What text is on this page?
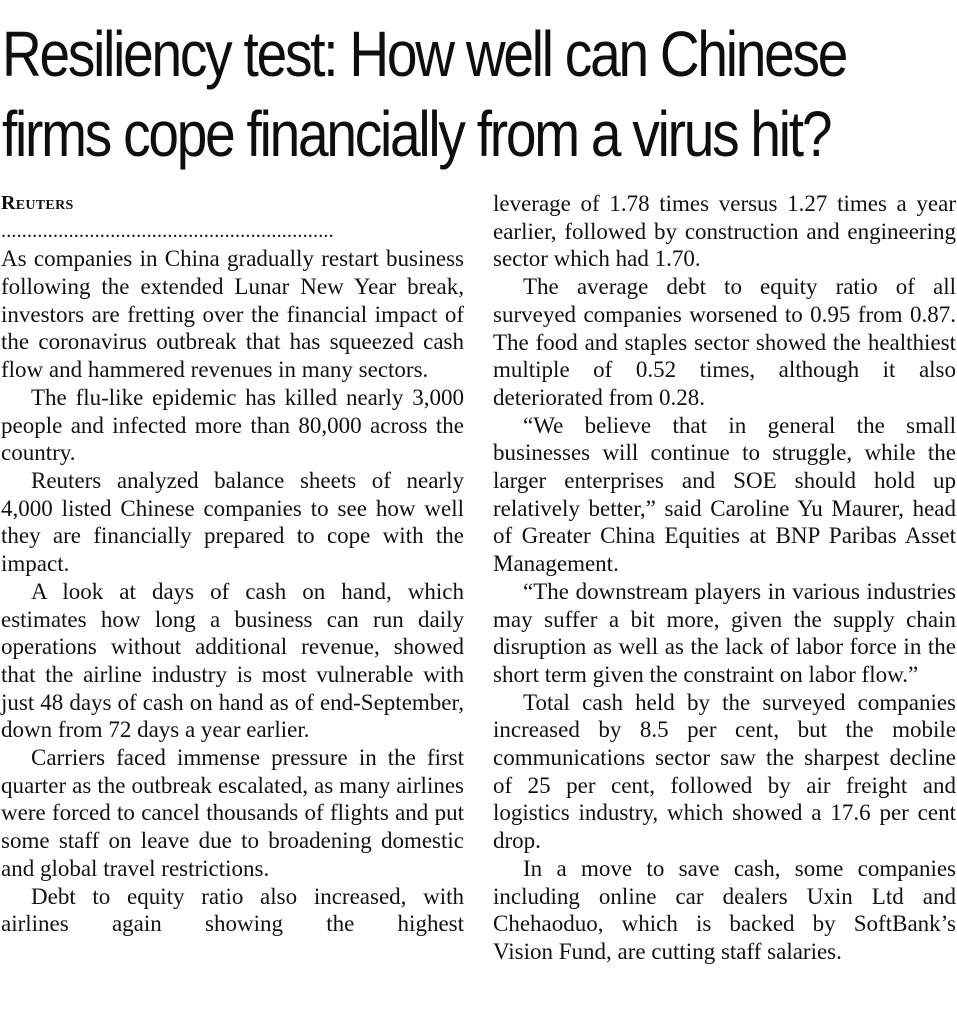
Resiliency test: How well can Chinese
firms cope financially from a virus hit?
Reuters
................................................................

As companies in China gradually restart business following the extended Lunar New Year break, investors are fretting over the financial impact of the coronavirus outbreak that has squeezed cash flow and hammered revenues in many sectors.

The flu-like epidemic has killed nearly 3,000 people and infected more than 80,000 across the country.

Reuters analyzed balance sheets of nearly 4,000 listed Chinese companies to see how well they are financially prepared to cope with the impact.

A look at days of cash on hand, which estimates how long a business can run daily operations without additional revenue, showed that the airline industry is most vulnerable with just 48 days of cash on hand as of end-September, down from 72 days a year earlier.

Carriers faced immense pressure in the first quarter as the outbreak escalated, as many airlines were forced to cancel thousands of flights and put some staff on leave due to broadening domestic and global travel restrictions.

Debt to equity ratio also increased, with airlines again showing the highest

leverage of 1.78 times versus 1.27 times a year earlier, followed by construction and engineering sector which had 1.70.

The average debt to equity ratio of all surveyed companies worsened to 0.95 from 0.87. The food and staples sector showed the healthiest multiple of 0.52 times, although it also deteriorated from 0.28.

“We believe that in general the small businesses will continue to struggle, while the larger enterprises and SOE should hold up relatively better,” said Caroline Yu Maurer, head of Greater China Equities at BNP Paribas Asset Management.

“The downstream players in various industries may suffer a bit more, given the supply chain disruption as well as the lack of labor force in the short term given the constraint on labor flow.”

Total cash held by the surveyed companies increased by 8.5 per cent, but the mobile communications sector saw the sharpest decline of 25 per cent, followed by air freight and logistics industry, which showed a 17.6 per cent drop.

In a move to save cash, some companies including online car dealers Uxin Ltd and Chehaoduo, which is backed by SoftBank’s Vision Fund, are cutting staff salaries.
